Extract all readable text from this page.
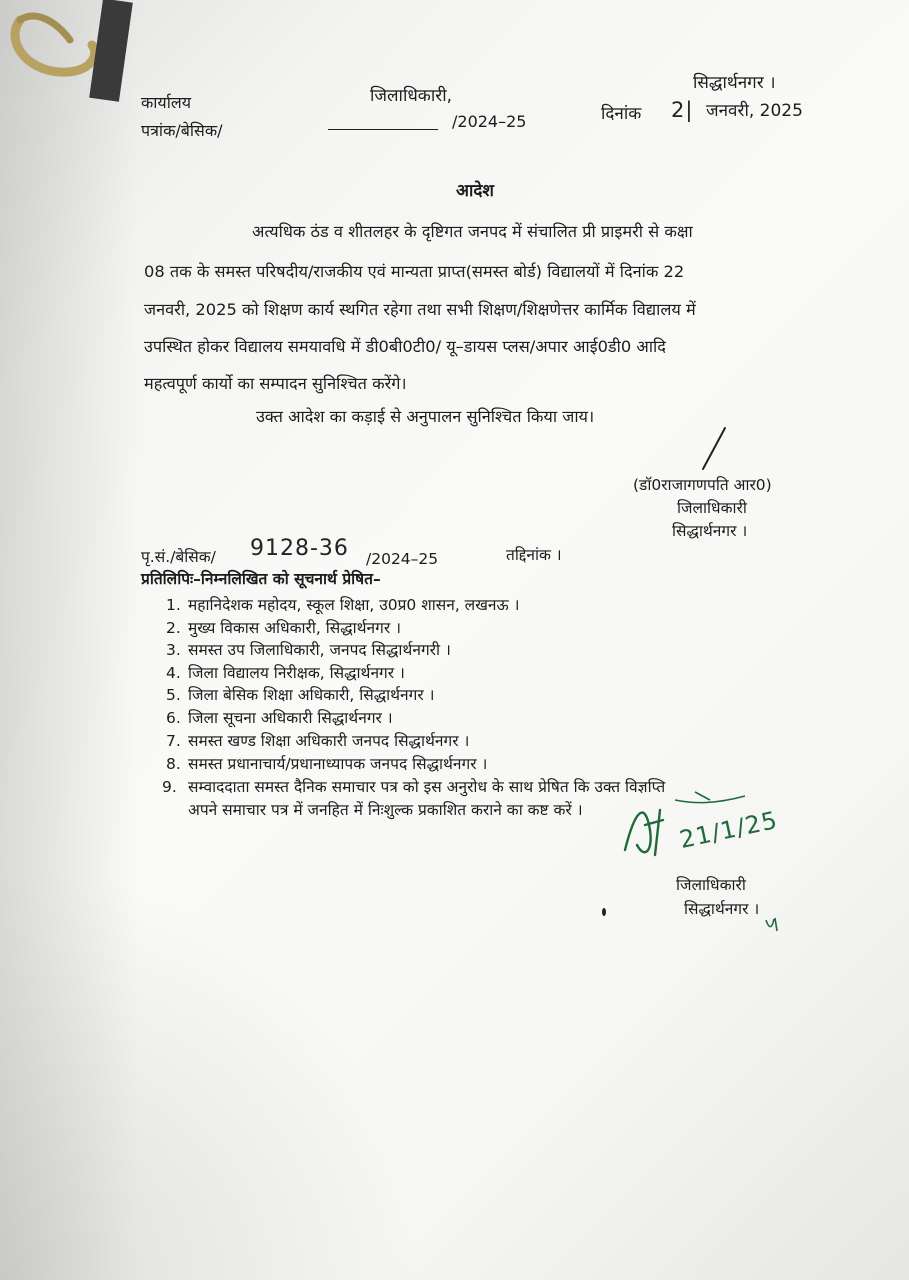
कार्यालय	जिलाधिकारी,
सिद्धार्थनगर ।
पत्रांक/बेसिक/	/2024–25	दिनांक 2| जनवरी, 2025
आदेश
अत्यधिक ठंड व शीतलहर के दृष्टिगत जनपद में संचालित प्री प्राइमरी से कक्षा
08 तक के समस्त परिषदीय/राजकीय एवं मान्यता प्राप्त(समस्त बोर्ड) विद्यालयों में दिनांक 22
जनवरी, 2025 को शिक्षण कार्य स्थगित रहेगा तथा सभी शिक्षण/शिक्षणेत्तर कार्मिक विद्यालय में
उपस्थित होकर विद्यालय समयावधि में डी0बी0टी0/ यू–डायस प्लस/अपार आई0डी0 आदि
महत्वपूर्ण कार्यो का सम्पादन सुनिश्चित करेंगे।
उक्त आदेश का कड़ाई से अनुपालन सुनिश्चित किया जाय।
(डॉ0राजागणपति आर0)
जिलाधिकारी
सिद्धार्थनगर ।
पृ.सं./बेसिक/ 9128-36 /2024–25	तद्दिनांक ।
प्रतिलिपिः–निम्नलिखित को सूचनार्थ प्रेषित–
1. महानिदेशक महोदय, स्कूल शिक्षा, उ0प्र0 शासन, लखनऊ ।
2. मुख्य विकास अधिकारी, सिद्धार्थनगर ।
3. समस्त उप जिलाधिकारी, जनपद सिद्धार्थनगरी ।
4. जिला विद्यालय निरीक्षक, सिद्धार्थनगर ।
5. जिला बेसिक शिक्षा अधिकारी, सिद्धार्थनगर ।
6. जिला सूचना अधिकारी सिद्धार्थनगर ।
7. समस्त खण्ड शिक्षा अधिकारी जनपद सिद्धार्थनगर ।
8. समस्त प्रधानाचार्य/प्रधानाध्यापक जनपद सिद्धार्थनगर ।
9. सम्वाददाता समस्त दैनिक समाचार पत्र को इस अनुरोध के साथ प्रेषित कि उक्त विज्ञप्ति
अपने समाचार पत्र में जनहित में निःशुल्क प्रकाशित कराने का कष्ट करें ।	21/1/25
जिलाधिकारी
सिद्धार्थनगर ।
